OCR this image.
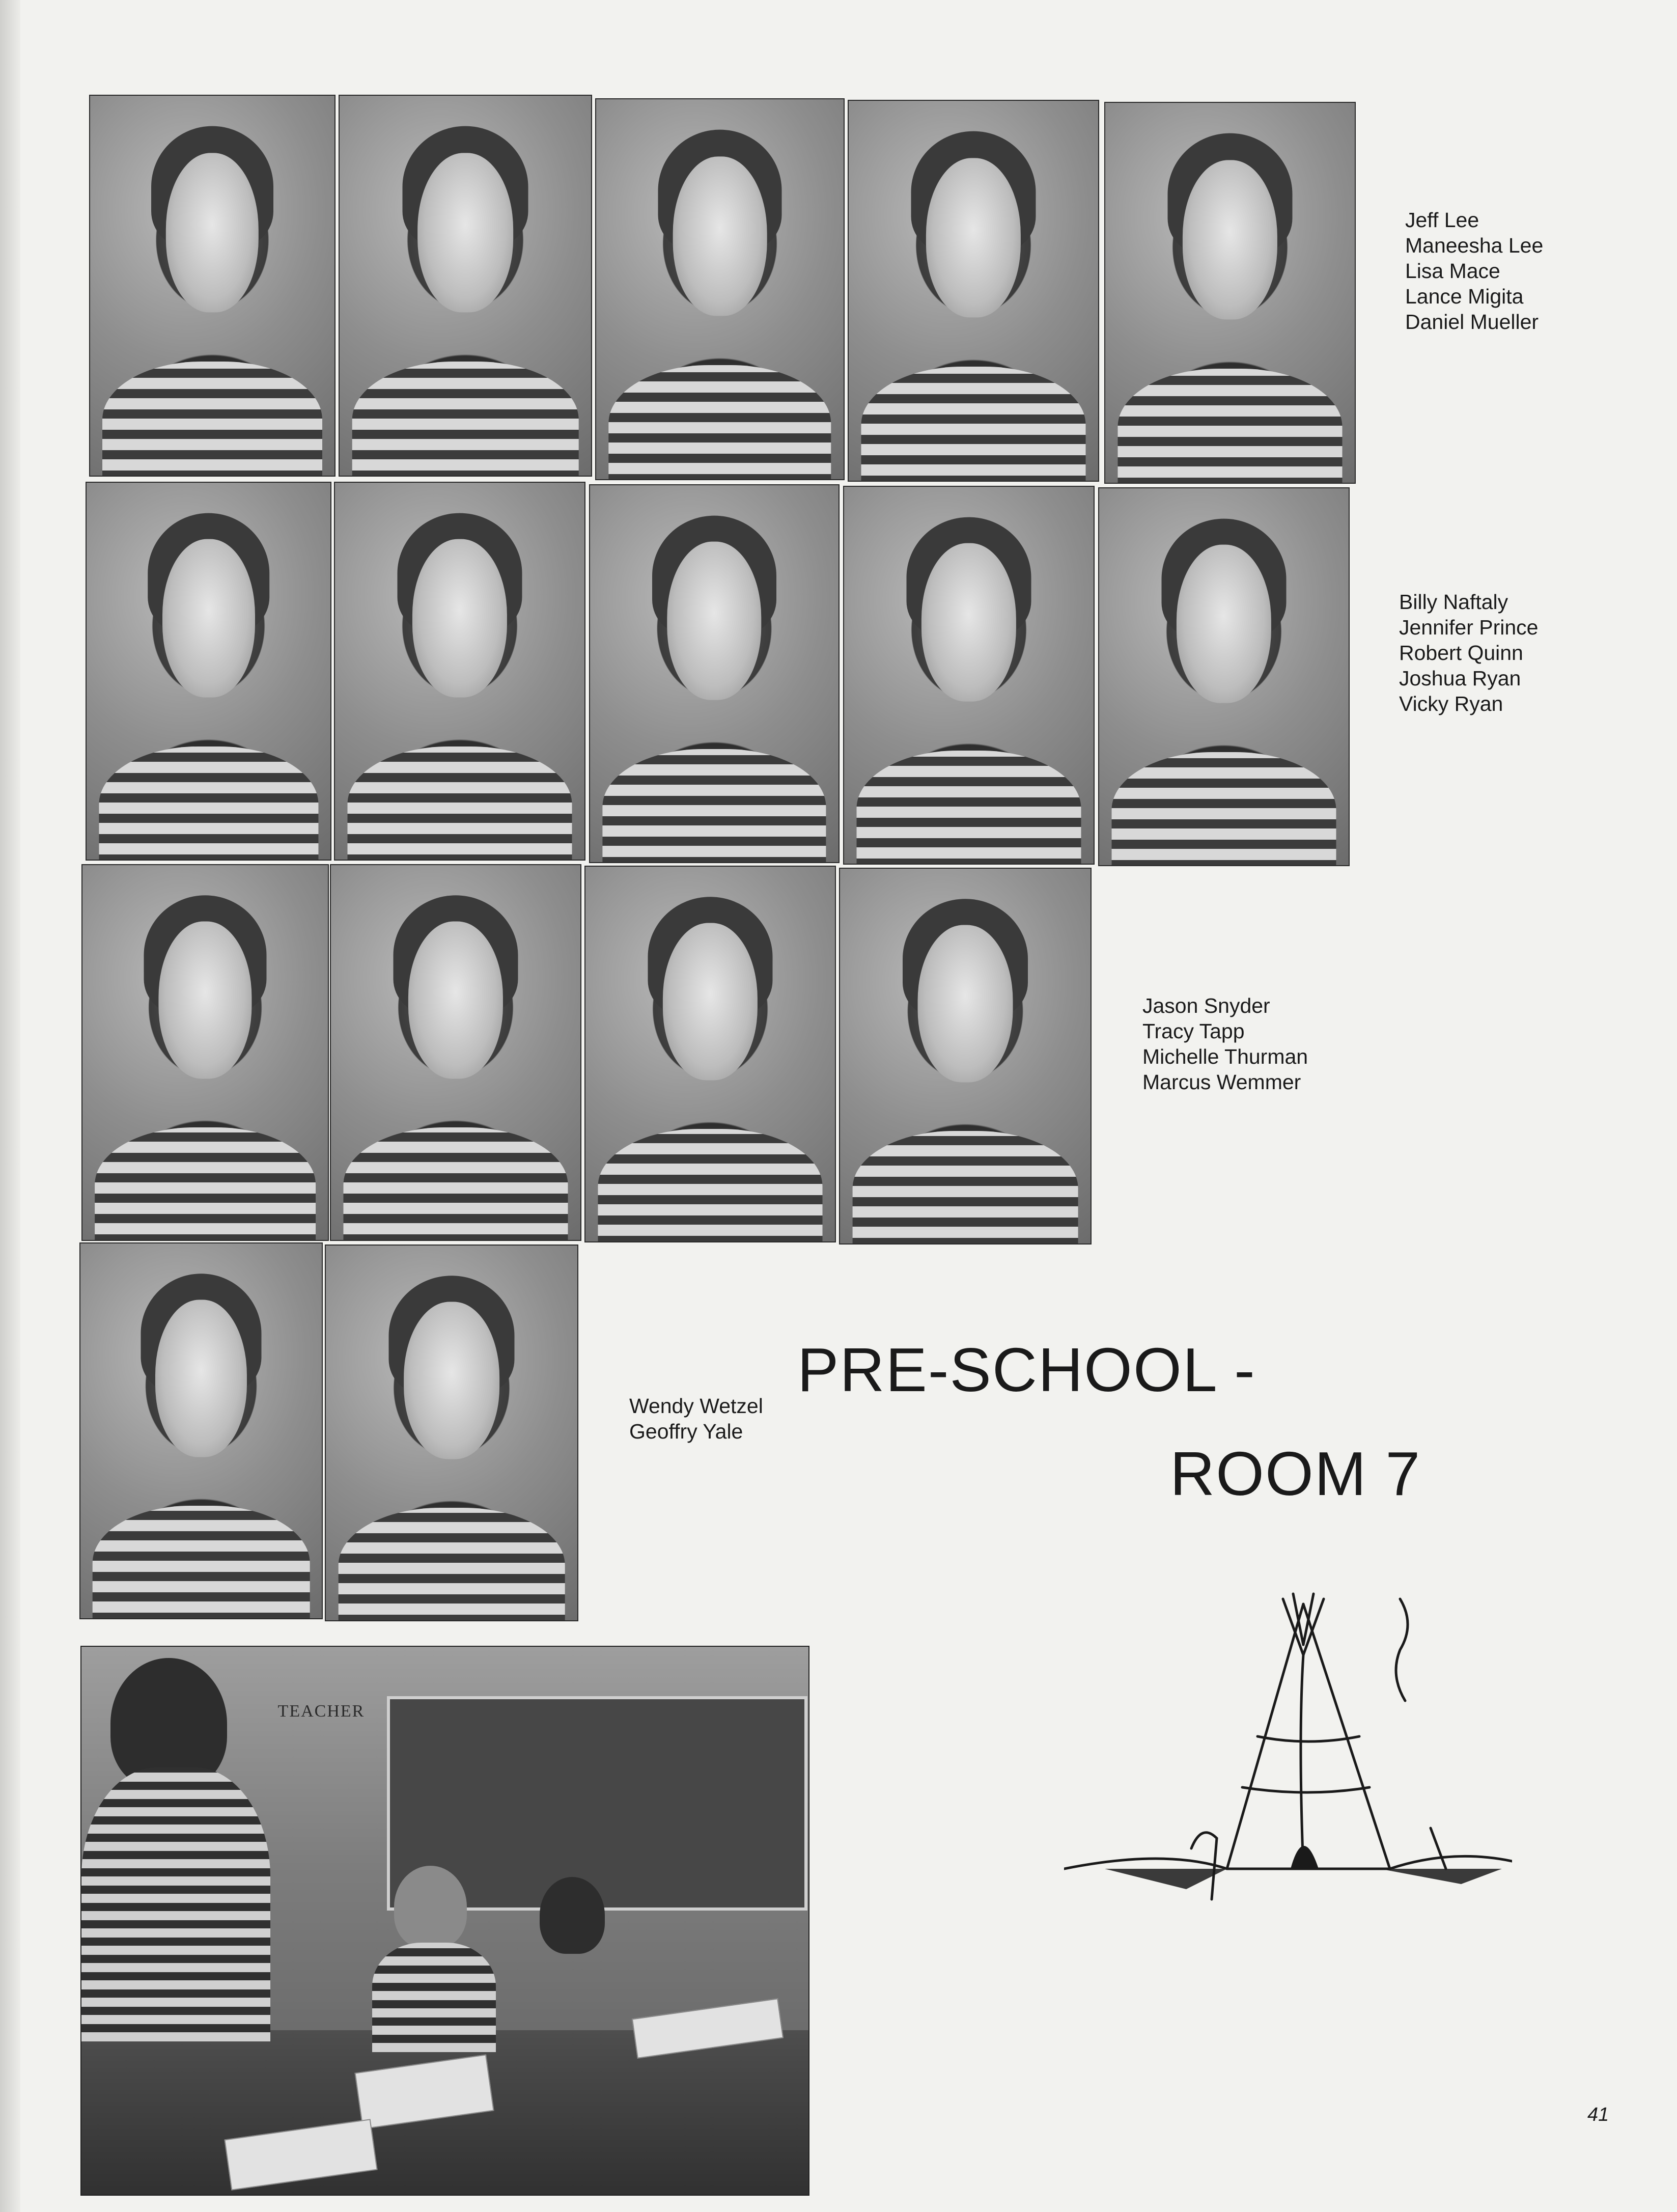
Jeff Lee
Maneesha Lee
Lisa Mace
Lance Migita
Daniel Mueller
Billy Naftaly
Jennifer Prince
Robert Quinn
Joshua Ryan
Vicky Ryan
Jason Snyder
Tracy Tapp
Michelle Thurman
Marcus Wemmer
Wendy Wetzel
Geoffry Yale
PRE-SCHOOL -
ROOM 7
TEACHER
41
